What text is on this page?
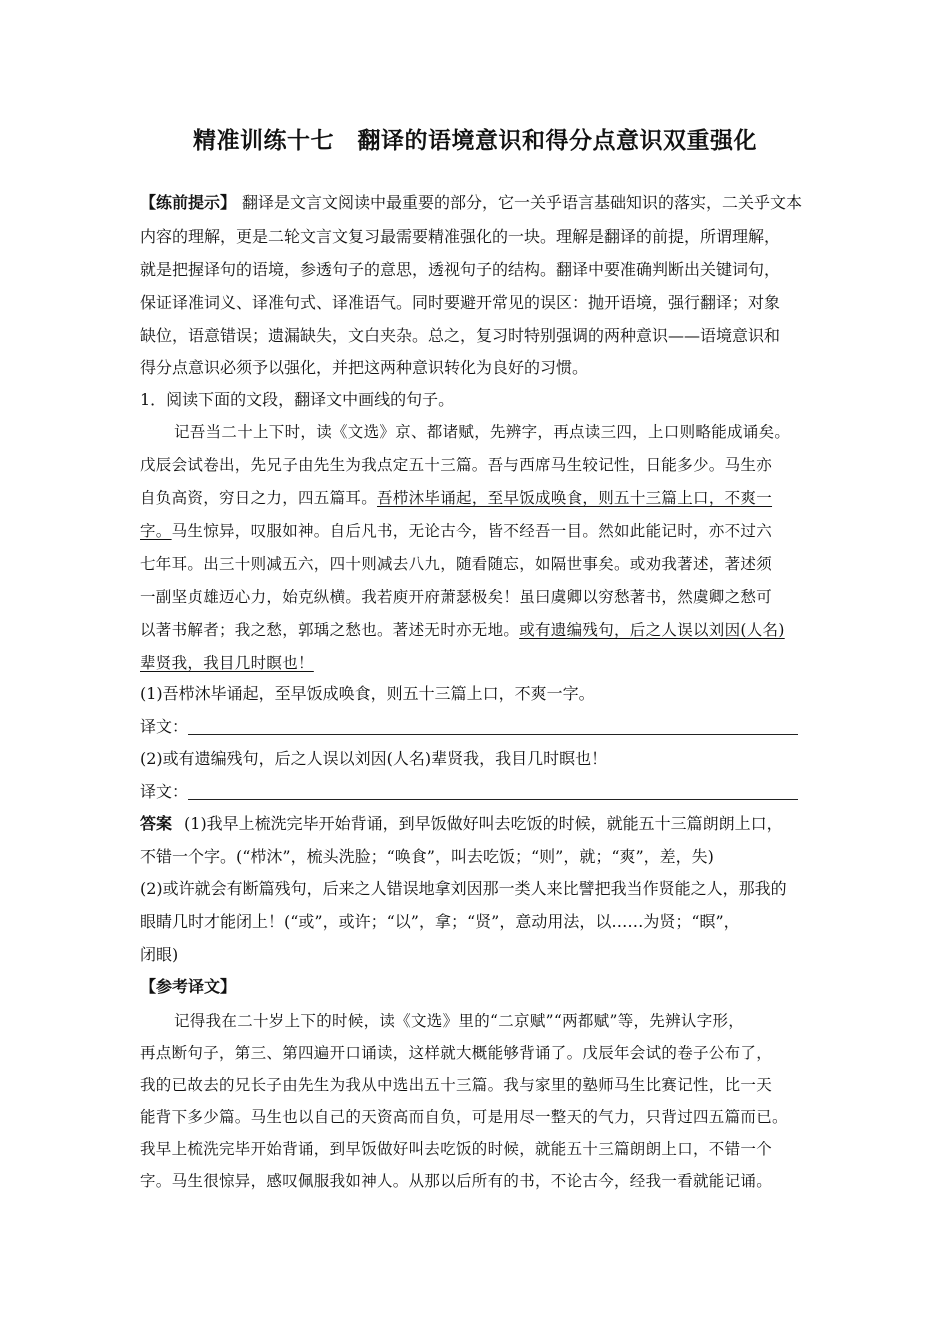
精准训练十七　翻译的语境意识和得分点意识双重强化
【练前提示】 翻译是文言文阅读中最重要的部分，它一关乎语言基础知识的落实，二关乎文本
内容的理解，更是二轮文言文复习最需要精准强化的一块。理解是翻译的前提，所谓理解，
就是把握译句的语境，参透句子的意思，透视句子的结构。翻译中要准确判断出关键词句，
保证译准词义、译准句式、译准语气。同时要避开常见的误区：抛开语境，强行翻译；对象
缺位，语意错误；遗漏缺失，文白夹杂。总之，复习时特别强调的两种意识——语境意识和
得分点意识必须予以强化，并把这两种意识转化为良好的习惯。
1．阅读下面的文段，翻译文中画线的句子。
记吾当二十上下时，读《文选》京、都诸赋，先辨字，再点读三四，上口则略能成诵矣。
戊辰会试卷出，先兄子由先生为我点定五十三篇。吾与西席马生较记性，日能多少。马生亦
自负高资，穷日之力，四五篇耳。吾栉沐毕诵起，至早饭成唤食，则五十三篇上口，不爽一
字。马生惊异，叹服如神。自后凡书，无论古今，皆不经吾一目。然如此能记时，亦不过六
七年耳。出三十则减五六，四十则减去八九，随看随忘，如隔世事矣。或劝我著述，著述须
一副坚贞雄迈心力，始克纵横。我若庾开府萧瑟极矣！虽曰虞卿以穷愁著书，然虞卿之愁可
以著书解者；我之愁，郭瑀之愁也。著述无时亦无地。或有遗编残句，后之人误以刘因(人名)
辈贤我，我目几时瞑也！
(1)吾栉沐毕诵起，至早饭成唤食，则五十三篇上口，不爽一字。
译文：
(2)或有遗编残句，后之人误以刘因(人名)辈贤我，我目几时瞑也！
译文：
答案 (1)我早上梳洗完毕开始背诵，到早饭做好叫去吃饭的时候，就能五十三篇朗朗上口，
不错一个字。(“栉沐”，梳头洗脸；“唤食”，叫去吃饭；“则”，就；“爽”，差，失)
(2)或许就会有断篇残句，后来之人错误地拿刘因那一类人来比譬把我当作贤能之人，那我的
眼睛几时才能闭上！(“或”，或许；“以”，拿；“贤”，意动用法，以……为贤；“瞑”，
闭眼)
【参考译文】
记得我在二十岁上下的时候，读《文选》里的“二京赋”“两都赋”等，先辨认字形，
再点断句子，第三、第四遍开口诵读，这样就大概能够背诵了。戊辰年会试的卷子公布了，
我的已故去的兄长子由先生为我从中选出五十三篇。我与家里的塾师马生比赛记性，比一天
能背下多少篇。马生也以自己的天资高而自负，可是用尽一整天的气力，只背过四五篇而已。
我早上梳洗完毕开始背诵，到早饭做好叫去吃饭的时候，就能五十三篇朗朗上口，不错一个
字。马生很惊异，感叹佩服我如神人。从那以后所有的书，不论古今，经我一看就能记诵。
